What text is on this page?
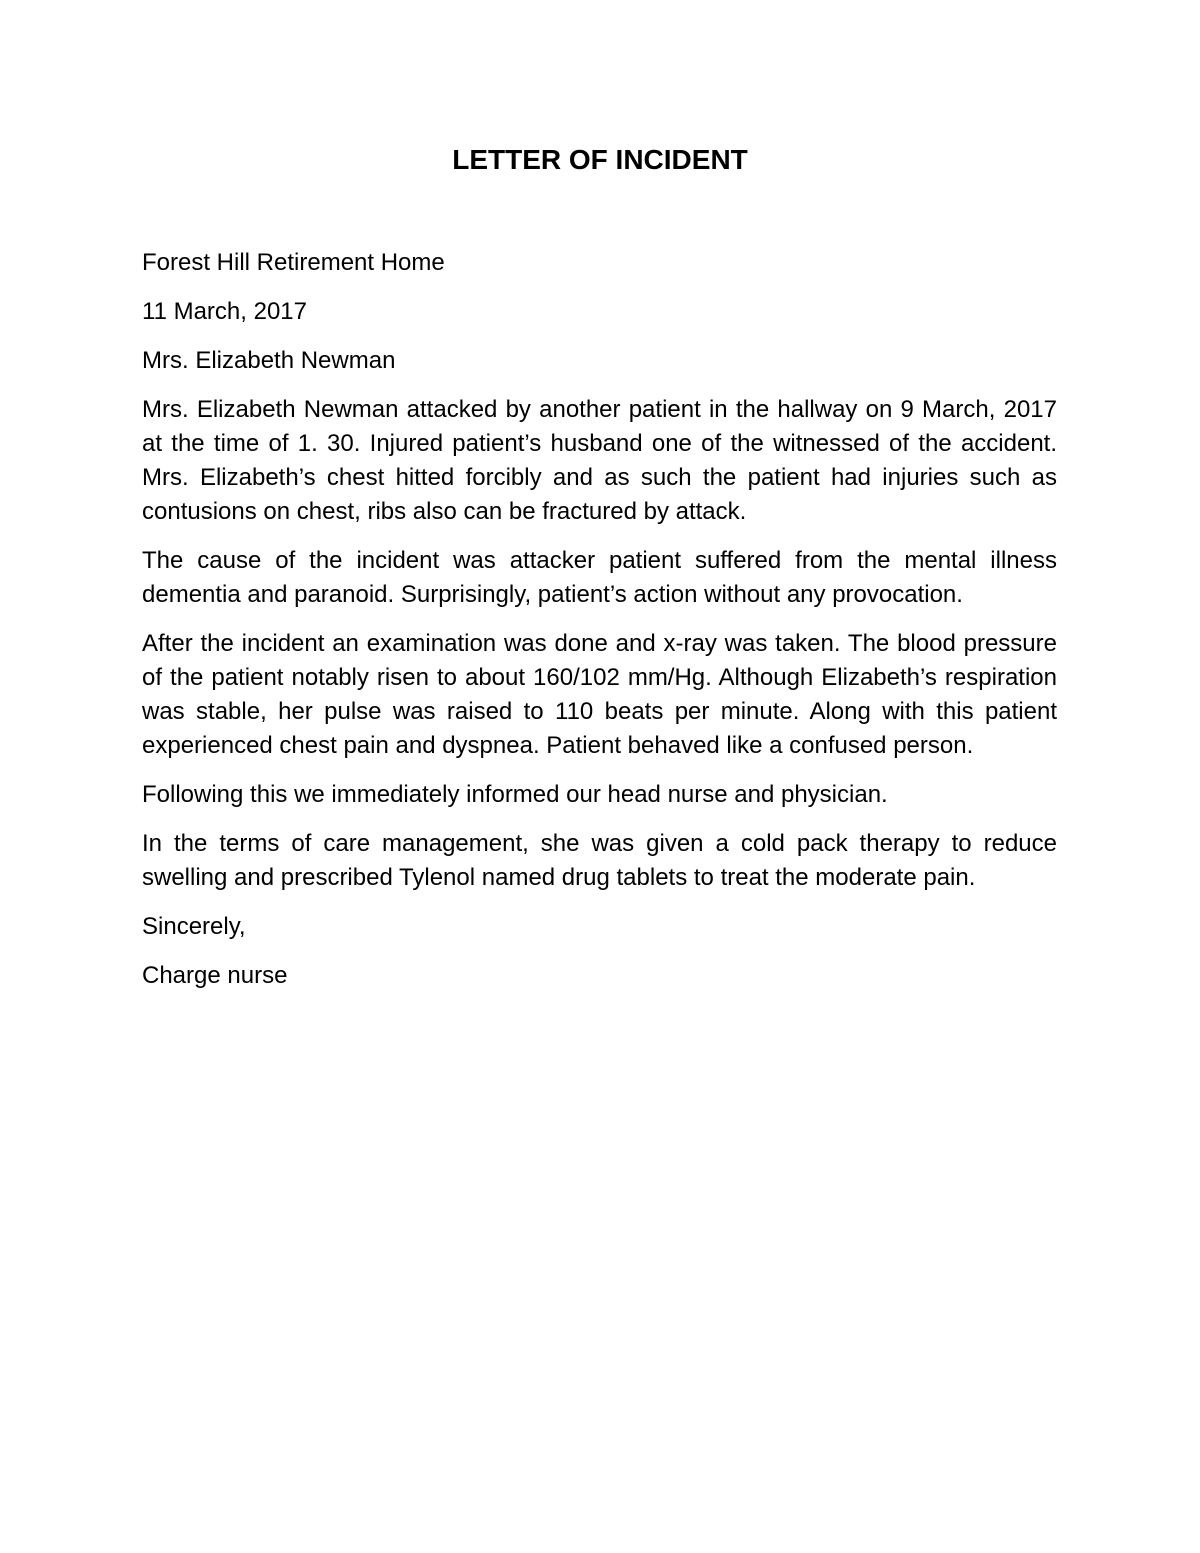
LETTER OF INCIDENT

Forest Hill Retirement Home

11 March, 2017

Mrs. Elizabeth Newman

Mrs. Elizabeth Newman attacked by another patient in the hallway on 9 March, 2017 at the time of 1. 30. Injured patient’s husband one of the witnessed of the accident. Mrs. Elizabeth’s chest hitted forcibly and as such the patient had injuries such as contusions on chest, ribs also can be fractured by attack.

The cause of the incident was attacker patient suffered from the mental illness dementia and paranoid. Surprisingly, patient’s action without any provocation.

After the incident an examination was done and x-ray was taken. The blood pressure of the patient notably risen to about 160/102 mm/Hg. Although Elizabeth’s respiration was stable, her pulse was raised to 110 beats per minute. Along with this patient experienced chest pain and dyspnea. Patient behaved like a confused person.

Following this we immediately informed our head nurse and physician.

In the terms of care management, she was given a cold pack therapy to reduce swelling and prescribed Tylenol named drug tablets to treat the moderate pain.

Sincerely,

Charge nurse
